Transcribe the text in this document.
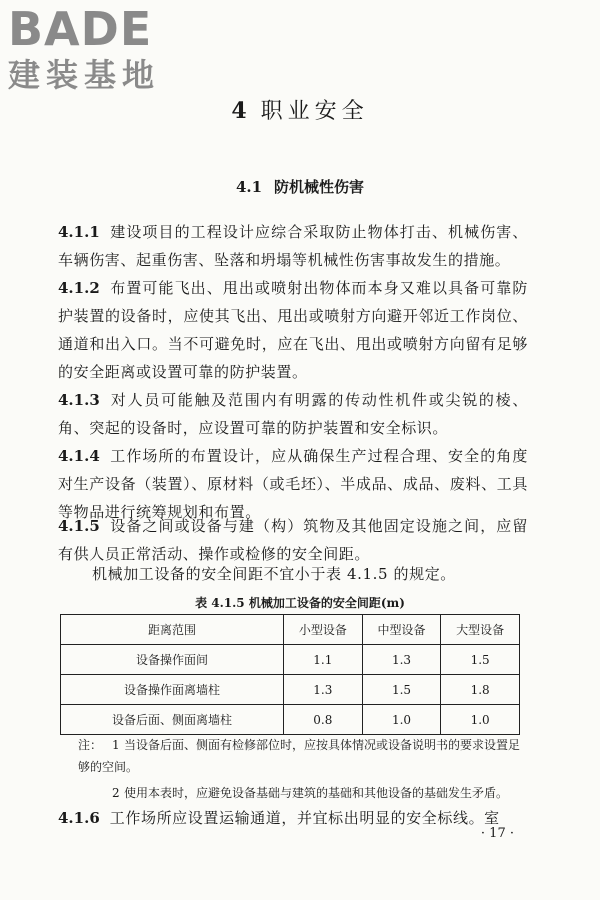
BADE
建装基地
4 职业安全
4.1 防机械性伤害
4.1.1 建设项目的工程设计应综合采取防止物体打击、机械伤害、车辆伤害、起重伤害、坠落和坍塌等机械性伤害事故发生的措施。
4.1.2 布置可能飞出、甩出或喷射出物体而本身又难以具备可靠防护装置的设备时，应使其飞出、甩出或喷射方向避开邻近工作岗位、通道和出入口。当不可避免时，应在飞出、甩出或喷射方向留有足够的安全距离或设置可靠的防护装置。
4.1.3 对人员可能触及范围内有明露的传动性机件或尖锐的棱、角、突起的设备时，应设置可靠的防护装置和安全标识。
4.1.4 工作场所的布置设计，应从确保生产过程合理、安全的角度对生产设备（装置）、原材料（或毛坯）、半成品、成品、废料、工具等物品进行统筹规划和布置。
4.1.5 设备之间或设备与建（构）筑物及其他固定设施之间，应留有供人员正常活动、操作或检修的安全间距。
机械加工设备的安全间距不宜小于表 4.1.5 的规定。
表 4.1.5 机械加工设备的安全间距(m)
距离范围	小型设备	中型设备	大型设备
设备操作面间	1.1	1.3	1.5
设备操作面离墙柱	1.3	1.5	1.8
设备后面、侧面离墙柱	0.8	1.0	1.0
注： 1 当设备后面、侧面有检修部位时，应按具体情况或设备说明书的要求设置足够的空间。
2 使用本表时，应避免设备基础与建筑的基础和其他设备的基础发生矛盾。
4.1.6 工作场所应设置运输通道，并宜标出明显的安全标线。室
· 17 ·
